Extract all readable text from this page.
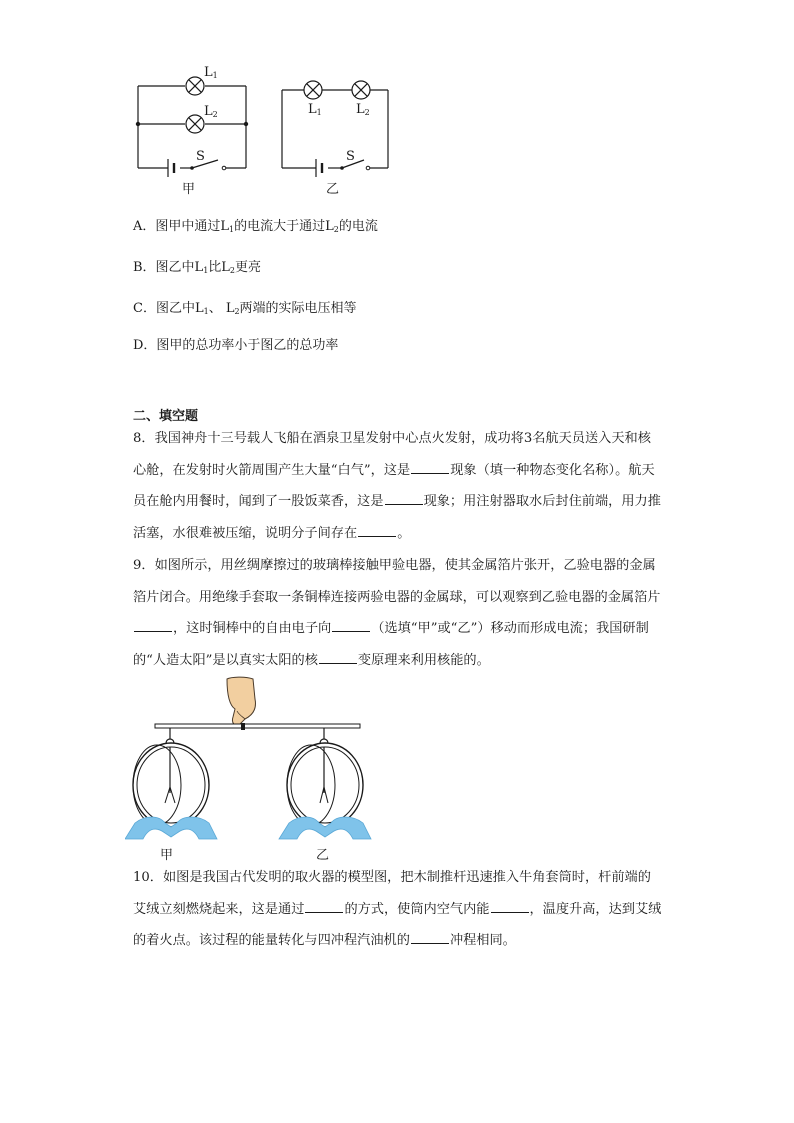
$L_1$
$L_2$
S
甲
$L_1$	$L_2$
S
乙
A．图甲中通过$L_1$的电流大于通过$L_2$的电流
B．图乙中$L_1$比$L_2$更亮
C．图乙中$L_1$、 $L_2$两端的实际电压相等
D．图甲的总功率小于图乙的总功率
二、填空题
8．我国神舟十三号载人飞船在酒泉卫星发射中心点火发射，成功将3名航天员送入天和核心舱，在发射时火箭周围产生大量“白气”，这是	现象（填一种物态变化名称）。航天员在舱内用餐时，闻到了一股饭菜香，这是	现象；用注射器取水后封住前端，用力推活塞，水很难被压缩，说明分子间存在	。
9．如图所示，用丝绸摩擦过的玻璃棒接触甲验电器，使其金属箔片张开，乙验电器的金属箔片闭合。用绝缘手套取一条铜棒连接两验电器的金属球，可以观察到乙验电器的金属箔片，这时铜棒中的自由电子向	（选填“甲”或“乙”）移动而形成电流；我国研制的“人造太阳”是以真实太阳的核	变原理来利用核能的。
甲	乙
10．如图是我国古代发明的取火器的模型图，把木制推杆迅速推入牛角套筒时，杆前端的艾绒立刻燃烧起来，这是通过	的方式，使筒内空气内能	，温度升高，达到艾绒的着火点。该过程的能量转化与四冲程汽油机的	冲程相同。
